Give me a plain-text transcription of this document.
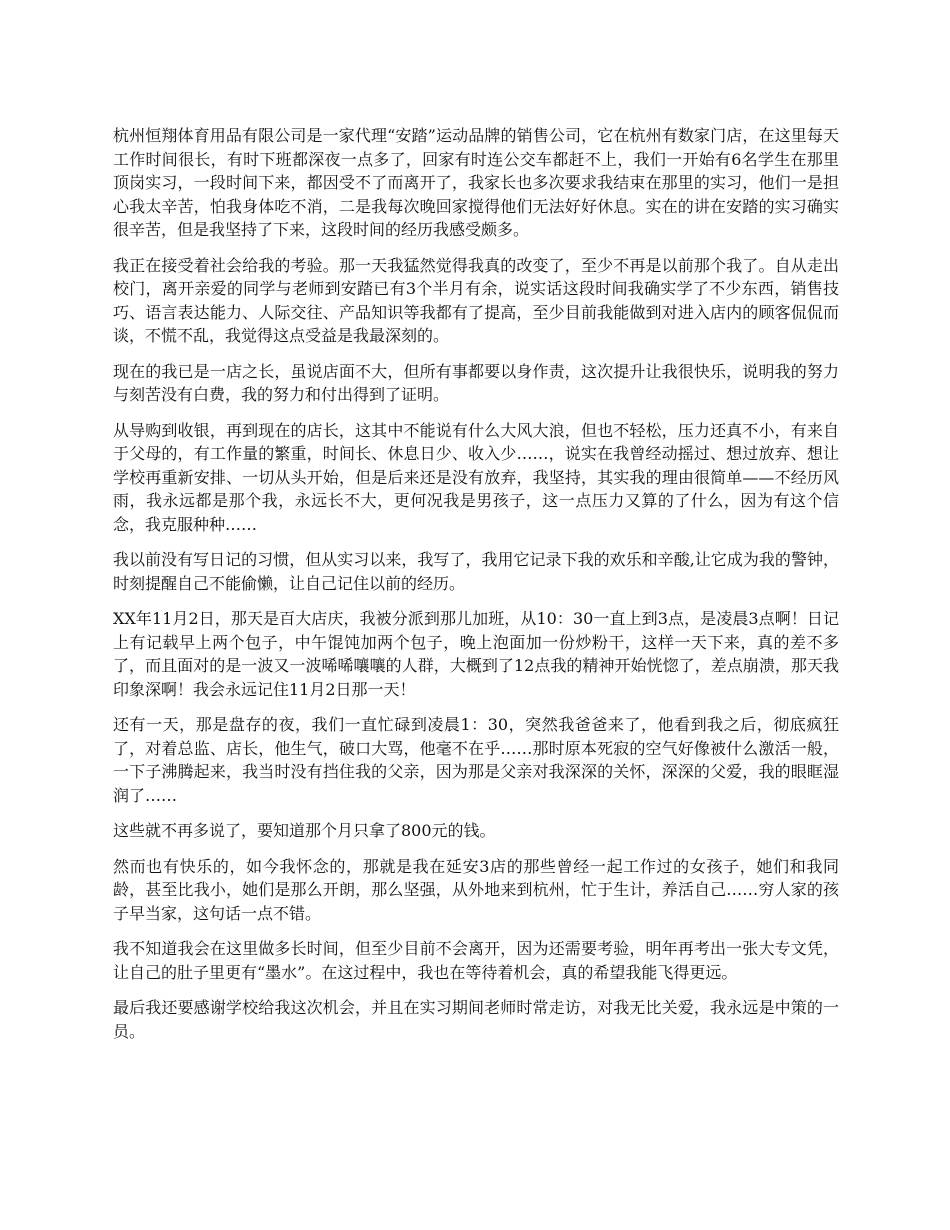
杭州恒翔体育用品有限公司是一家代理“安踏”运动品牌的销售公司，它在杭州有数家门店，在这里每天工作时间很长，有时下班都深夜一点多了，回家有时连公交车都赶不上，我们一开始有6名学生在那里顶岗实习，一段时间下来，都因受不了而离开了，我家长也多次要求我结束在那里的实习，他们一是担心我太辛苦，怕我身体吃不消，二是我每次晚回家搅得他们无法好好休息。实在的讲在安踏的实习确实很辛苦，但是我坚持了下来，这段时间的经历我感受颇多。

我正在接受着社会给我的考验。那一天我猛然觉得我真的改变了，至少不再是以前那个我了。自从走出校门，离开亲爱的同学与老师到安踏已有3个半月有余，说实话这段时间我确实学了不少东西，销售技巧、语言表达能力、人际交往、产品知识等我都有了提高，至少目前我能做到对进入店内的顾客侃侃而谈，不慌不乱，我觉得这点受益是我最深刻的。

现在的我已是一店之长，虽说店面不大，但所有事都要以身作责，这次提升让我很快乐，说明我的努力与刻苦没有白费，我的努力和付出得到了证明。

从导购到收银，再到现在的店长，这其中不能说有什么大风大浪，但也不轻松，压力还真不小，有来自于父母的，有工作量的繁重，时间长、休息日少、收入少……，说实在我曾经动摇过、想过放弃、想让学校再重新安排、一切从头开始，但是后来还是没有放弃，我坚持，其实我的理由很简单——不经历风雨，我永远都是那个我，永远长不大，更何况我是男孩子，这一点压力又算的了什么，因为有这个信念，我克服种种……

我以前没有写日记的习惯，但从实习以来，我写了，我用它记录下我的欢乐和辛酸,让它成为我的警钟，时刻提醒自己不能偷懒，让自己记住以前的经历。

XX年11月2日，那天是百大店庆，我被分派到那儿加班，从10：30一直上到3点，是凌晨3点啊！日记上有记载早上两个包子，中午馄饨加两个包子，晚上泡面加一份炒粉干，这样一天下来，真的差不多了，而且面对的是一波又一波唏唏嚷嚷的人群，大概到了12点我的精神开始恍惚了，差点崩溃，那天我印象深啊！我会永远记住11月2日那一天！

还有一天，那是盘存的夜，我们一直忙碌到凌晨1：30，突然我爸爸来了，他看到我之后，彻底疯狂了，对着总监、店长，他生气，破口大骂，他毫不在乎……那时原本死寂的空气好像被什么激活一般，一下子沸腾起来，我当时没有挡住我的父亲，因为那是父亲对我深深的关怀，深深的父爱，我的眼眶湿润了……

这些就不再多说了，要知道那个月只拿了800元的钱。

然而也有快乐的，如今我怀念的，那就是我在延安3店的那些曾经一起工作过的女孩子，她们和我同龄，甚至比我小，她们是那么开朗，那么坚强，从外地来到杭州，忙于生计，养活自己……穷人家的孩子早当家，这句话一点不错。

我不知道我会在这里做多长时间，但至少目前不会离开，因为还需要考验，明年再考出一张大专文凭，让自己的肚子里更有“墨水”。在这过程中，我也在等待着机会，真的希望我能飞得更远。

最后我还要感谢学校给我这次机会，并且在实习期间老师时常走访，对我无比关爱，我永远是中策的一员。
